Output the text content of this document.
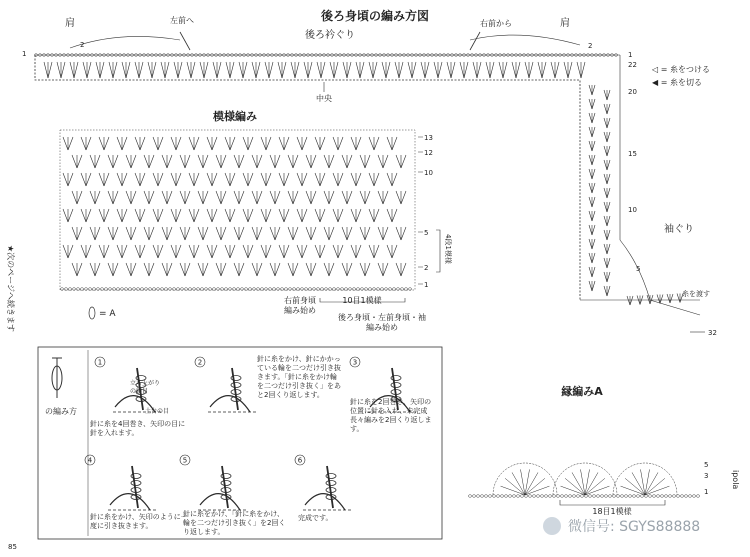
後ろ身頃の編み方図
後ろ衿ぐり
肩	肩
左前へ	右前から
中央
1
22
20
15
10
5
1
2	2
袖ぐり
糸を渡す
32
◁ = 糸をつける
◀ = 糸を切る
模様編み
13
12
10
5
2
1
4段1模様
10目1模様
右前身頃
編み始め
後ろ身頃・左前身頃・袖
編み始め
= A
★次のページへ続きます
の編み方
1	2	3
4	5	6
立ち上がり
の鎖目
土台の目
針に糸を4回巻き、矢印の目に針を入れます。
針に糸をかけ、針にかかっている輪を二つだけ引き抜きます。「針に糸をかけ輪を二つだけ引き抜く」をあと2回くり返します。
針に糸を2回巻き、矢印の位置に針を入れ、未完成長々編みを2回くり返します。
針に糸をかけ、矢印のように一度に引き抜きます。
針に糸をかけ、「針に糸をかけ、輪を二つだけ引き抜く」を2回くり返します。
完成です。
縁編みA
5
3
1
18目1模様
微信号: SGYS88888
85
ipola
